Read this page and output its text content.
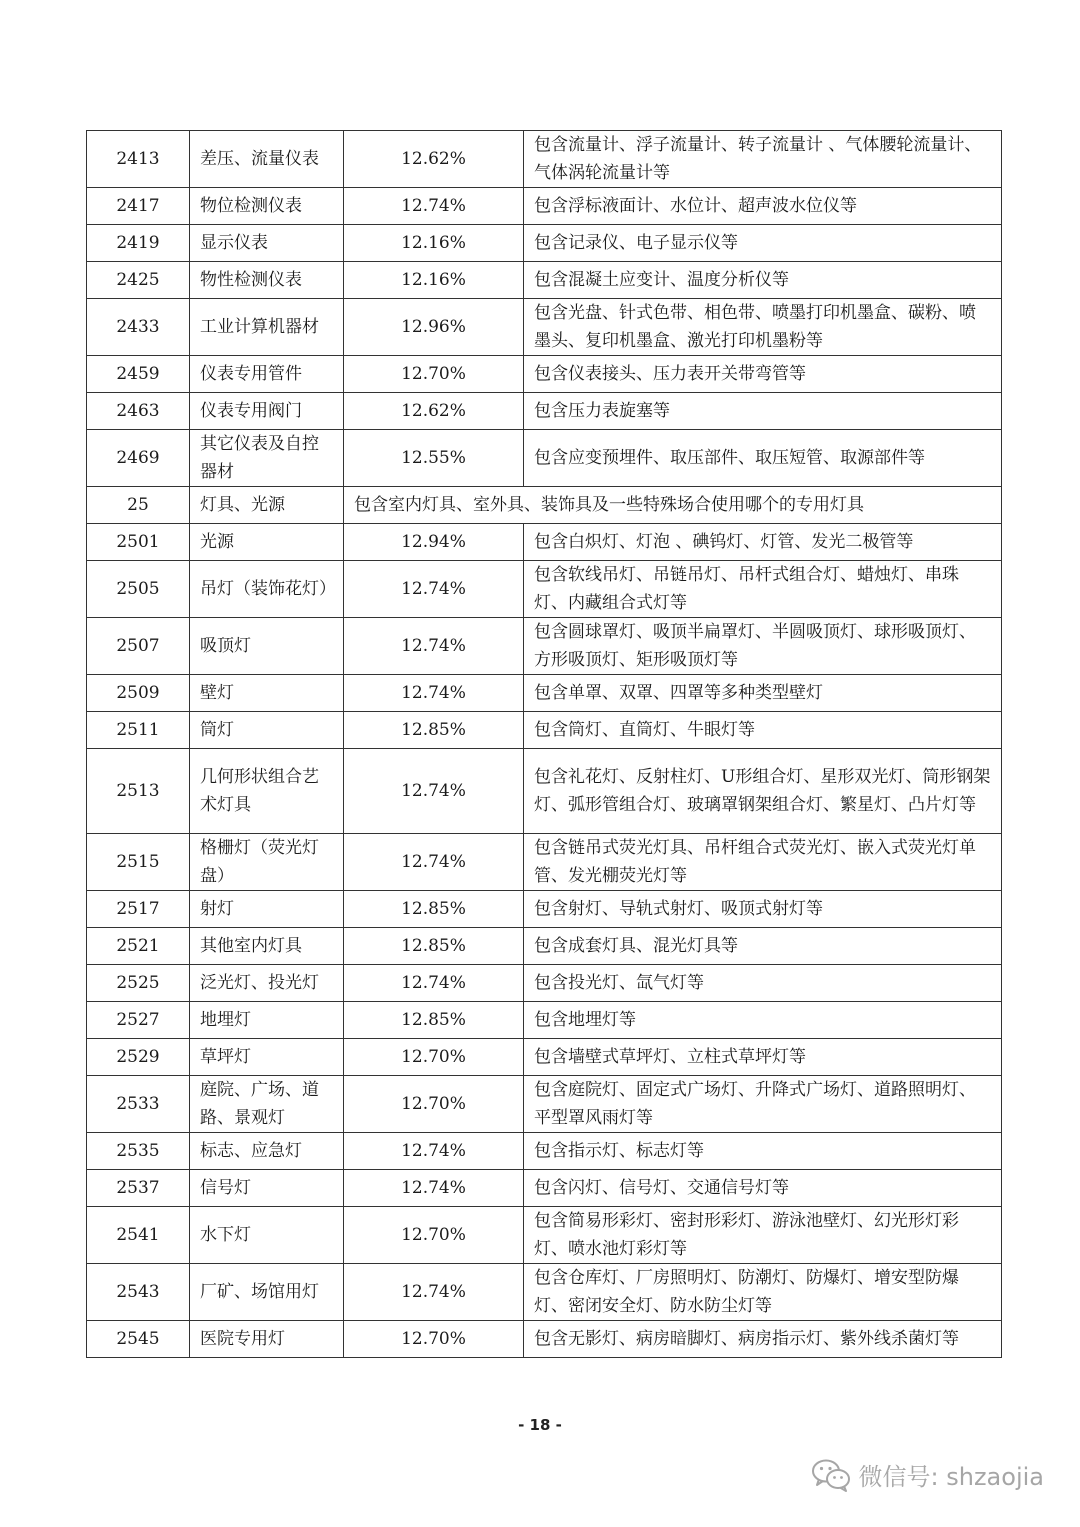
2413	差压、流量仪表	12.62%	包含流量计、浮子流量计、转子流量计 、气体腰轮流量计、气体涡轮流量计等
2417	物位检测仪表	12.74%	包含浮标液面计、水位计、超声波水位仪等
2419	显示仪表	12.16%	包含记录仪、电子显示仪等
2425	物性检测仪表	12.16%	包含混凝土应变计、温度分析仪等
2433	工业计算机器材	12.96%	包含光盘、针式色带、相色带、喷墨打印机墨盒、碳粉、喷墨头、复印机墨盒、激光打印机墨粉等
2459	仪表专用管件	12.70%	包含仪表接头、压力表开关带弯管等
2463	仪表专用阀门	12.62%	包含压力表旋塞等
2469	其它仪表及自控器材	12.55%	包含应变预埋件、取压部件、取压短管、取源部件等
25	灯具、光源	包含室内灯具、室外具、装饰具及一些特殊场合使用哪个的专用灯具	
2501	光源	12.94%	包含白炽灯、灯泡 、碘钨灯、灯管、发光二极管等
2505	吊灯（装饰花灯）	12.74%	包含软线吊灯、吊链吊灯、吊杆式组合灯、蜡烛灯、串珠灯、内藏组合式灯等
2507	吸顶灯	12.74%	包含圆球罩灯、吸顶半扁罩灯、半圆吸顶灯、球形吸顶灯、方形吸顶灯、矩形吸顶灯等
2509	壁灯	12.74%	包含单罩、双罩、四罩等多种类型壁灯
2511	筒灯	12.85%	包含筒灯、直筒灯、牛眼灯等
2513	几何形状组合艺术灯具	12.74%	包含礼花灯、反射柱灯、U形组合灯、星形双光灯、筒形钢架灯、弧形管组合灯、玻璃罩钢架组合灯、繁星灯、凸片灯等
2515	格栅灯（荧光灯盘）	12.74%	包含链吊式荧光灯具、吊杆组合式荧光灯、嵌入式荧光灯单管、发光棚荧光灯等
2517	射灯	12.85%	包含射灯、导轨式射灯、吸顶式射灯等
2521	其他室内灯具	12.85%	包含成套灯具、混光灯具等
2525	泛光灯、投光灯	12.74%	包含投光灯、氙气灯等
2527	地埋灯	12.85%	包含地埋灯等
2529	草坪灯	12.70%	包含墙壁式草坪灯、立柱式草坪灯等
2533	庭院、广场、道路、景观灯	12.70%	包含庭院灯、固定式广场灯、升降式广场灯、道路照明灯、平型罩风雨灯等
2535	标志、应急灯	12.74%	包含指示灯、标志灯等
2537	信号灯	12.74%	包含闪灯、信号灯、交通信号灯等
2541	水下灯	12.70%	包含简易形彩灯、密封形彩灯、游泳池壁灯、幻光形灯彩灯、喷水池灯彩灯等
2543	厂矿、场馆用灯	12.74%	包含仓库灯、厂房照明灯、防潮灯、防爆灯、增安型防爆灯、密闭安全灯、防水防尘灯等
2545	医院专用灯	12.70%	包含无影灯、病房暗脚灯、病房指示灯、紫外线杀菌灯等
- 18 -
微信号: shzaojia
